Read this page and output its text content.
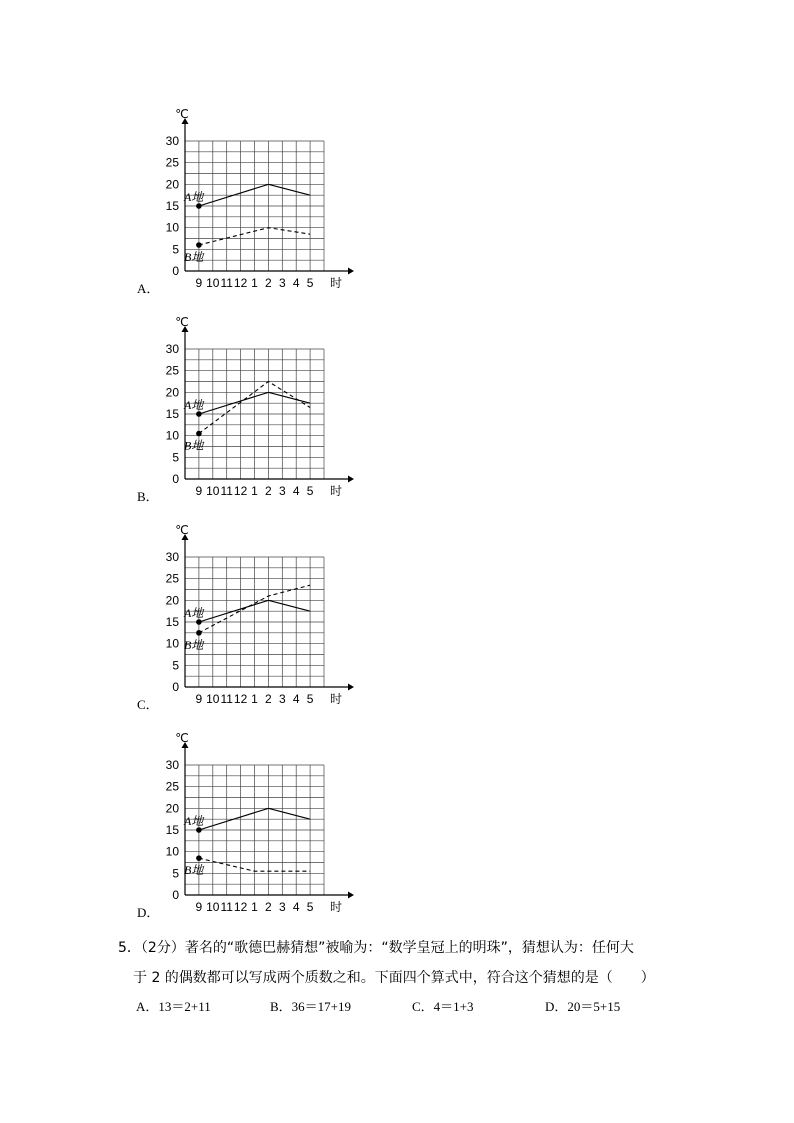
A．
B．
C．
D．
℃
0
5
10
15
20
25
30
9 10 11 12 1 2 3 4 5 时
A地
B地
℃
0
5
10
15
20
25
30
9 10 11 12 1 2 3 4 5 时
A地
B地
℃
0
5
10
15
20
25
30
9 10 11 12 1 2 3 4 5 时
A地
B地
℃
0
5
10
15
20
25
30
9 10 11 12 1 2 3 4 5 时
A地
B地
5．（2分）著名的“歌德巴赫猜想”被喻为：“数学皇冠上的明珠”，猜想认为：任何大
于 2 的偶数都可以写成两个质数之和。下面四个算式中，符合这个猜想的是（　　）
A．13＝2+11	B．36＝17+19	C．4＝1+3	D．20＝5+15
